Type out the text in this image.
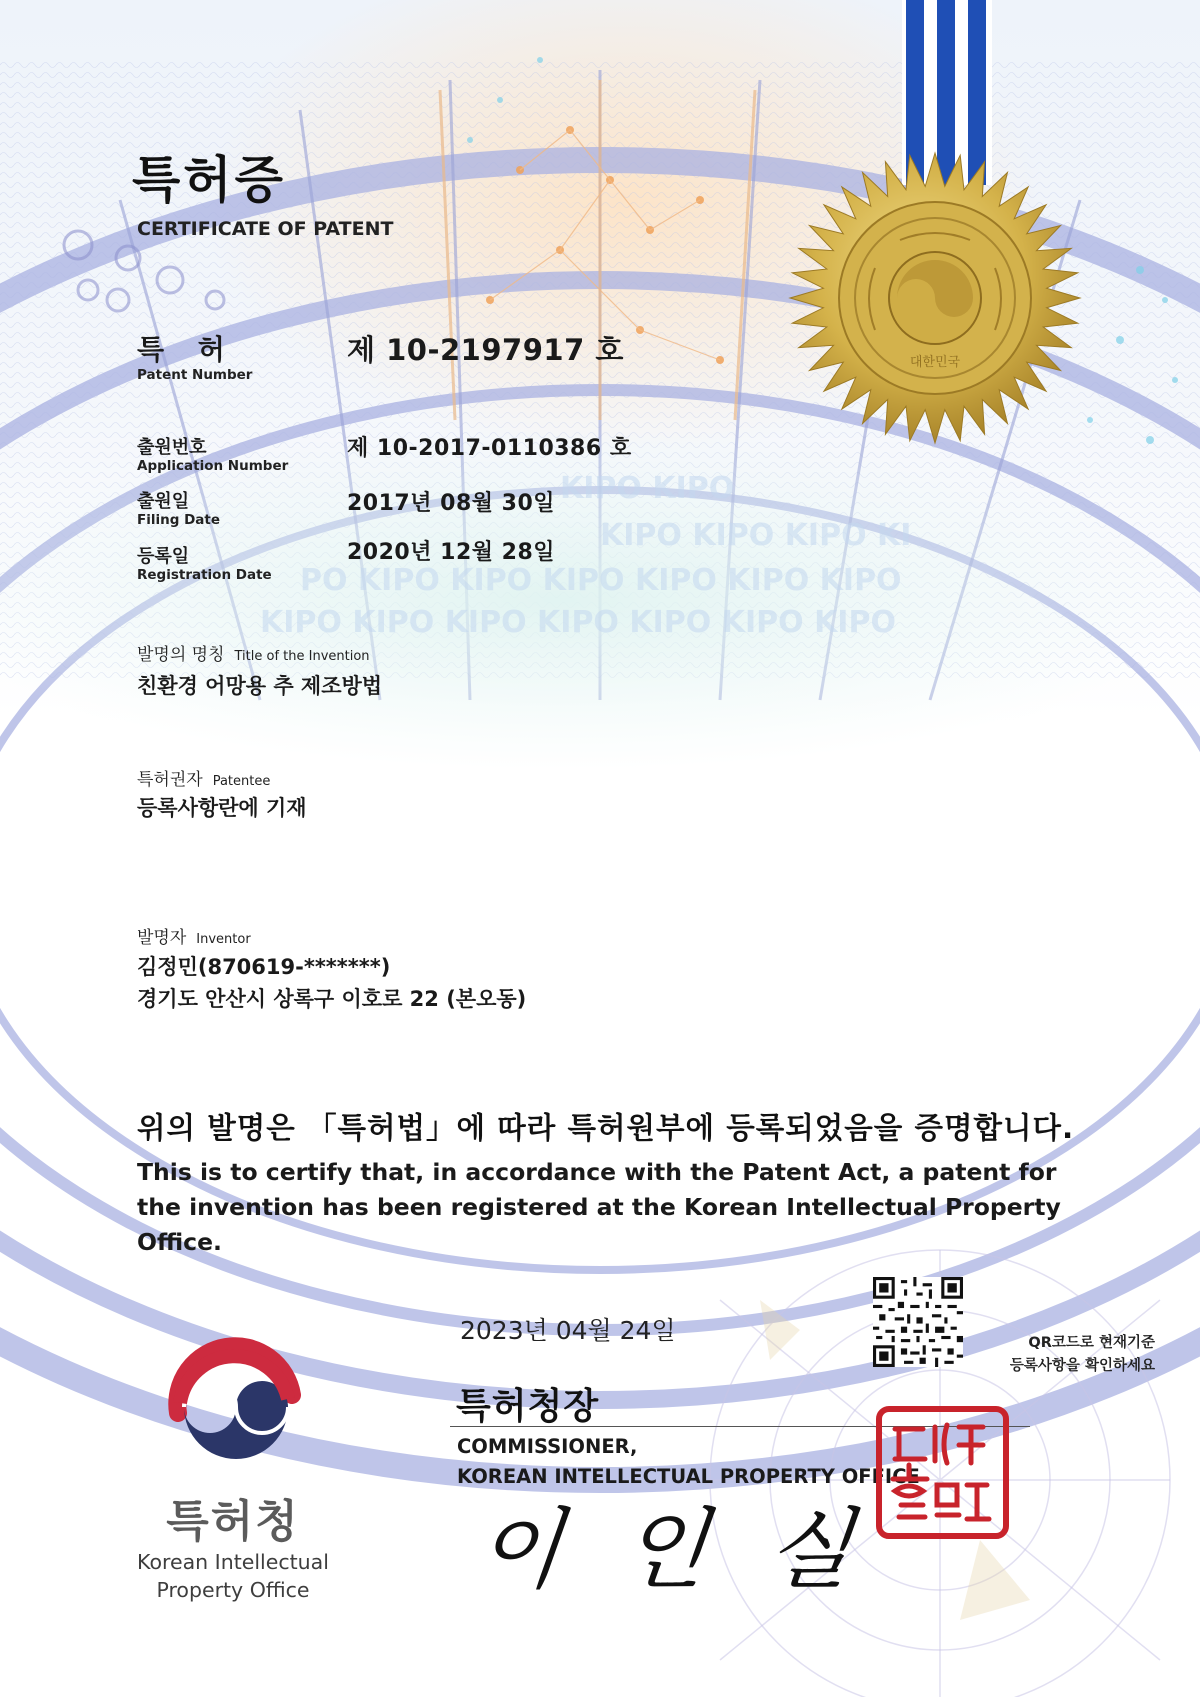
KIPO KIPO
KIPO KIPO KIPO KI
PO KIPO KIPO KIPO KIPO KIPO KIPO
KIPO KIPO KIPO KIPO KIPO KIPO KIPO
대한민국
특허증
CERTIFICATE OF PATENT
특 허
Patent Number
제 10-2197917 호
출원번호
Application Number
제 10-2017-0110386 호
출원일
Filing Date
2017년 08월 30일
등록일
Registration Date
2020년 12월 28일
발명의 명칭 Title of the Invention
친환경 어망용 추 제조방법
특허권자 Patentee
등록사항란에 기재
발명자 Inventor
김정민(870619-*******)
경기도 안산시 상록구 이호로 22 (본오동)
위의 발명은 「특허법」에 따라 특허원부에 등록되었음을 증명합니다.
This is to certify that, in accordance with the Patent Act, a patent for the invention has been registered at the Korean Intellectual Property Office.
2023년 04월 24일
특허청장
COMMISSIONER,
KOREAN INTELLECTUAL PROPERTY OFFICE
이인실
QR코드로 현재기준
등록사항을 확인하세요
특허청
Korean Intellectual
Property Office
